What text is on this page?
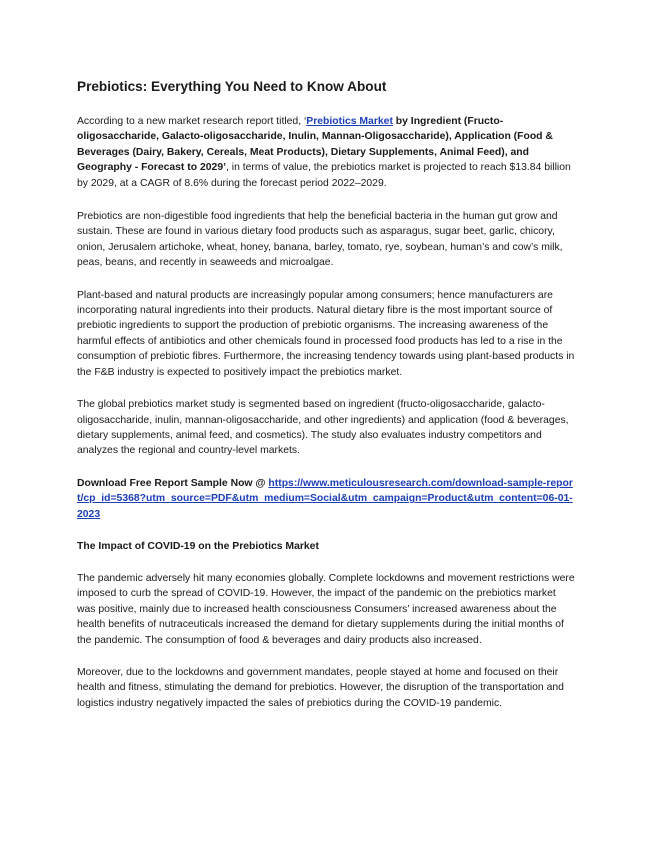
Prebiotics: Everything You Need to Know About

According to a new market research report titled, ‘Prebiotics Market by Ingredient (Fructo-oligosaccharide, Galacto-oligosaccharide, Inulin, Mannan-Oligosaccharide), Application (Food & Beverages (Dairy, Bakery, Cereals, Meat Products), Dietary Supplements, Animal Feed), and Geography - Forecast to 2029’, in terms of value, the prebiotics market is projected to reach $13.84 billion by 2029, at a CAGR of 8.6% during the forecast period 2022–2029.

Prebiotics are non-digestible food ingredients that help the beneficial bacteria in the human gut grow and sustain. These are found in various dietary food products such as asparagus, sugar beet, garlic, chicory, onion, Jerusalem artichoke, wheat, honey, banana, barley, tomato, rye, soybean, human’s and cow’s milk, peas, beans, and recently in seaweeds and microalgae.

Plant-based and natural products are increasingly popular among consumers; hence manufacturers are incorporating natural ingredients into their products. Natural dietary fibre is the most important source of prebiotic ingredients to support the production of prebiotic organisms. The increasing awareness of the harmful effects of antibiotics and other chemicals found in processed food products has led to a rise in the consumption of prebiotic fibres. Furthermore, the increasing tendency towards using plant-based products in the F&B industry is expected to positively impact the prebiotics market.

The global prebiotics market study is segmented based on ingredient (fructo-oligosaccharide, galacto-oligosaccharide, inulin, mannan-oligosaccharide, and other ingredients) and application (food & beverages, dietary supplements, animal feed, and cosmetics). The study also evaluates industry competitors and analyzes the regional and country-level markets.

Download Free Report Sample Now @ https://www.meticulousresearch.com/download-sample-report/cp_id=5368?utm_source=PDF&utm_medium=Social&utm_campaign=Product&utm_content=06-01-2023

The Impact of COVID-19 on the Prebiotics Market

The pandemic adversely hit many economies globally. Complete lockdowns and movement restrictions were imposed to curb the spread of COVID-19. However, the impact of the pandemic on the prebiotics market was positive, mainly due to increased health consciousness Consumers’ increased awareness about the health benefits of nutraceuticals increased the demand for dietary supplements during the initial months of the pandemic. The consumption of food & beverages and dairy products also increased.

Moreover, due to the lockdowns and government mandates, people stayed at home and focused on their health and fitness, stimulating the demand for prebiotics. However, the disruption of the transportation and logistics industry negatively impacted the sales of prebiotics during the COVID-19 pandemic.
